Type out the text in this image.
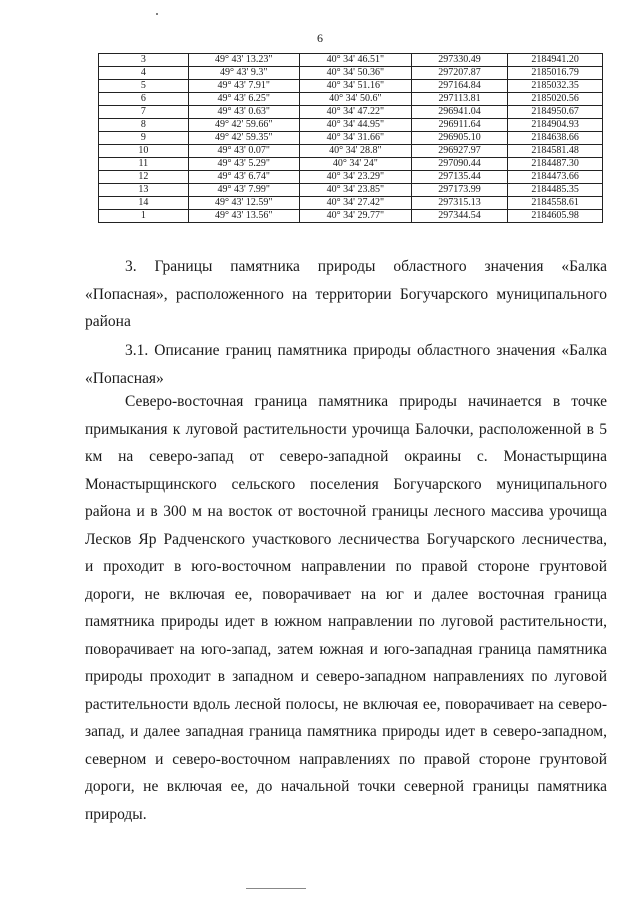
6
3	49° 43' 13.23"	40° 34' 46.51"	297330.49	2184941.20
4	49° 43' 9.3"	40° 34' 50.36"	297207.87	2185016.79
5	49° 43' 7.91"	40° 34' 51.16"	297164.84	2185032.35
6	49° 43' 6.25"	40° 34' 50.6"	297113.81	2185020.56
7	49° 43' 0.63"	40° 34' 47.22"	296941.04	2184950.67
8	49° 42' 59.66"	40° 34' 44.95"	296911.64	2184904.93
9	49° 42' 59.35"	40° 34' 31.66"	296905.10	2184638.66
10	49° 43' 0.07"	40° 34' 28.8"	296927.97	2184581.48
11	49° 43' 5.29"	40° 34' 24"	297090.44	2184487.30
12	49° 43' 6.74"	40° 34' 23.29"	297135.44	2184473.66
13	49° 43' 7.99"	40° 34' 23.85"	297173.99	2184485.35
14	49° 43' 12.59"	40° 34' 27.42"	297315.13	2184558.61
1	49° 43' 13.56"	40° 34' 29.77"	297344.54	2184605.98
3. Границы памятника природы областного значения «Балка
«Попасная», расположенного на территории Богучарского муниципального
района
3.1. Описание границ памятника природы областного значения «Балка
«Попасная»
Северо-восточная граница памятника природы начинается в точке
примыкания к луговой растительности урочища Балочки, расположенной в 5
км на северо-запад от северо-западной окраины с. Монастырщина
Монастырщинского сельского поселения Богучарского муниципального
района и в 300 м на восток от восточной границы лесного массива урочища
Лесков Яр Радченского участкового лесничества Богучарского лесничества,
и проходит в юго-восточном направлении по правой стороне грунтовой
дороги, не включая ее, поворачивает на юг и далее восточная граница
памятника природы идет в южном направлении по луговой растительности,
поворачивает на юго-запад, затем южная и юго-западная граница памятника
природы проходит в западном и северо-западном направлениях по луговой
растительности вдоль лесной полосы, не включая ее, поворачивает на северо-
запад, и далее западная граница памятника природы идет в северо-западном,
северном и северо-восточном направлениях по правой стороне грунтовой
дороги, не включая ее, до начальной точки северной границы памятника
природы.
